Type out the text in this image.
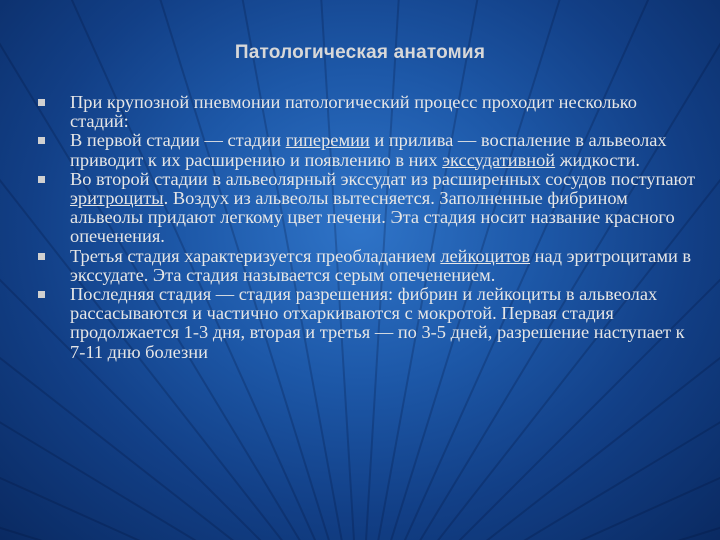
Патологическая анатомия
При крупозной пневмонии патологический процесс проходит несколько стадий:
В первой стадии — стадии гиперемии и прилива — воспаление в альвеолах приводит к их расширению и появлению в них экссудативной жидкости.
Во второй стадии в альвеолярный экссудат из расширенных сосудов поступают эритроциты. Воздух из альвеолы вытесняется. Заполненные фибрином альвеолы придают легкому цвет печени. Эта стадия носит название красного опеченения.
Третья стадия характеризуется преобладанием лейкоцитов над эритроцитами в экссудате. Эта стадия называется серым опеченением.
Последняя стадия — стадия разрешения: фибрин и лейкоциты в альвеолах рассасываются и частично отхаркиваются с мокротой. Первая стадия продолжается 1-3 дня, вторая и третья — по 3-5 дней, разрешение наступает к 7-11 дню болезни
